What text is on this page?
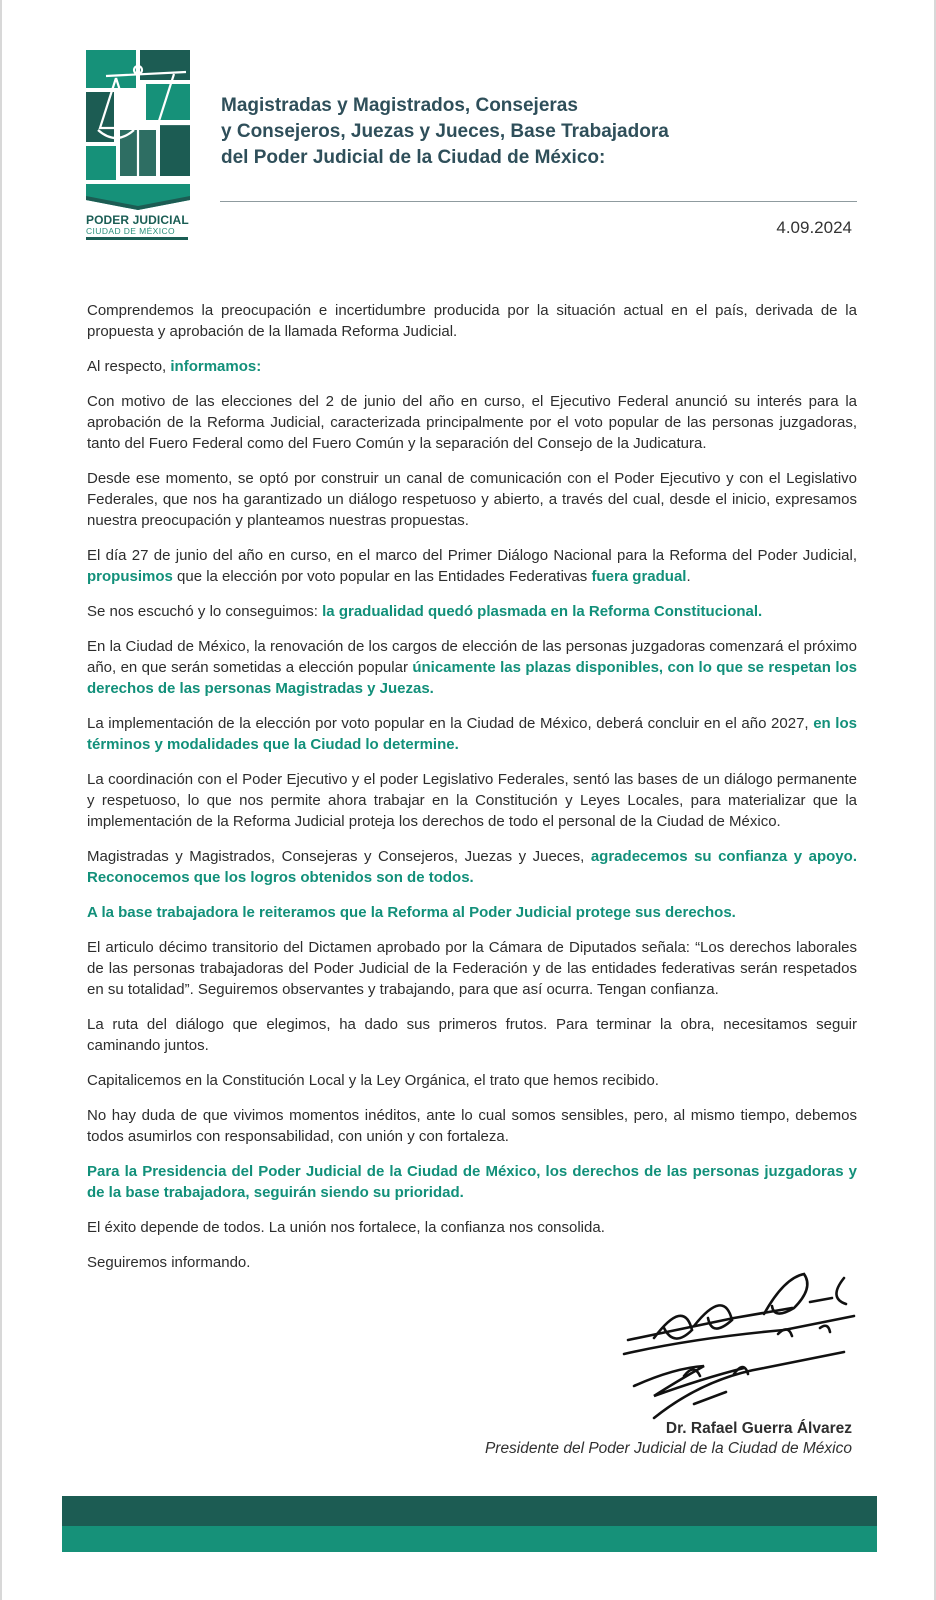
PODER JUDICIAL
CIUDAD DE MÉXICO
Magistradas y Magistrados, Consejeras
y Consejeros, Juezas y Jueces, Base Trabajadora
del Poder Judicial de la Ciudad de México:
4.09.2024

Comprendemos la preocupación e incertidumbre producida por la situación actual en el país, derivada de la propuesta y aprobación de la llamada Reforma Judicial.

Al respecto, informamos:

Con motivo de las elecciones del 2 de junio del año en curso, el Ejecutivo Federal anunció su interés para la aprobación de la Reforma Judicial, caracterizada principalmente por el voto popular de las personas juzgadoras, tanto del Fuero Federal como del Fuero Común y la separación del Consejo de la Judicatura.

Desde ese momento, se optó por construir un canal de comunicación con el Poder Ejecutivo y con el Legislativo Federales, que nos ha garantizado un diálogo respetuoso y abierto, a través del cual, desde el inicio, expresamos nuestra preocupación y planteamos nuestras propuestas.

El día 27 de junio del año en curso, en el marco del Primer Diálogo Nacional para la Reforma del Poder Judicial, propusimos que la elección por voto popular en las Entidades Federativas fuera gradual.

Se nos escuchó y lo conseguimos: la gradualidad quedó plasmada en la Reforma Constitucional.

En la Ciudad de México, la renovación de los cargos de elección de las personas juzgadoras comenzará el próximo año, en que serán sometidas a elección popular únicamente las plazas disponibles, con lo que se respetan los derechos de las personas Magistradas y Juezas.

La implementación de la elección por voto popular en la Ciudad de México, deberá concluir en el año 2027, en los términos y modalidades que la Ciudad lo determine.

La coordinación con el Poder Ejecutivo y el poder Legislativo Federales, sentó las bases de un diálogo permanente y respetuoso, lo que nos permite ahora trabajar en la Constitución y Leyes Locales, para materializar que la implementación de la Reforma Judicial proteja los derechos de todo el personal de la Ciudad de México.

Magistradas y Magistrados, Consejeras y Consejeros, Juezas y Jueces, agradecemos su confianza y apoyo. Reconocemos que los logros obtenidos son de todos.

A la base trabajadora le reiteramos que la Reforma al Poder Judicial protege sus derechos.

El articulo décimo transitorio del Dictamen aprobado por la Cámara de Diputados señala: “Los derechos laborales de las personas trabajadoras del Poder Judicial de la Federación y de las entidades federativas serán respetados en su totalidad”. Seguiremos observantes y trabajando, para que así ocurra. Tengan confianza.

La ruta del diálogo que elegimos, ha dado sus primeros frutos. Para terminar la obra, necesitamos seguir caminando juntos.

Capitalicemos en la Constitución Local y la Ley Orgánica, el trato que hemos recibido.

No hay duda de que vivimos momentos inéditos, ante lo cual somos sensibles, pero, al mismo tiempo, debemos todos asumirlos con responsabilidad, con unión y con fortaleza.

Para la Presidencia del Poder Judicial de la Ciudad de México, los derechos de las personas juzgadoras y de la base trabajadora, seguirán siendo su prioridad.

El éxito depende de todos. La unión nos fortalece, la confianza nos consolida.

Seguiremos informando.

Dr. Rafael Guerra Álvarez
Presidente del Poder Judicial de la Ciudad de México
